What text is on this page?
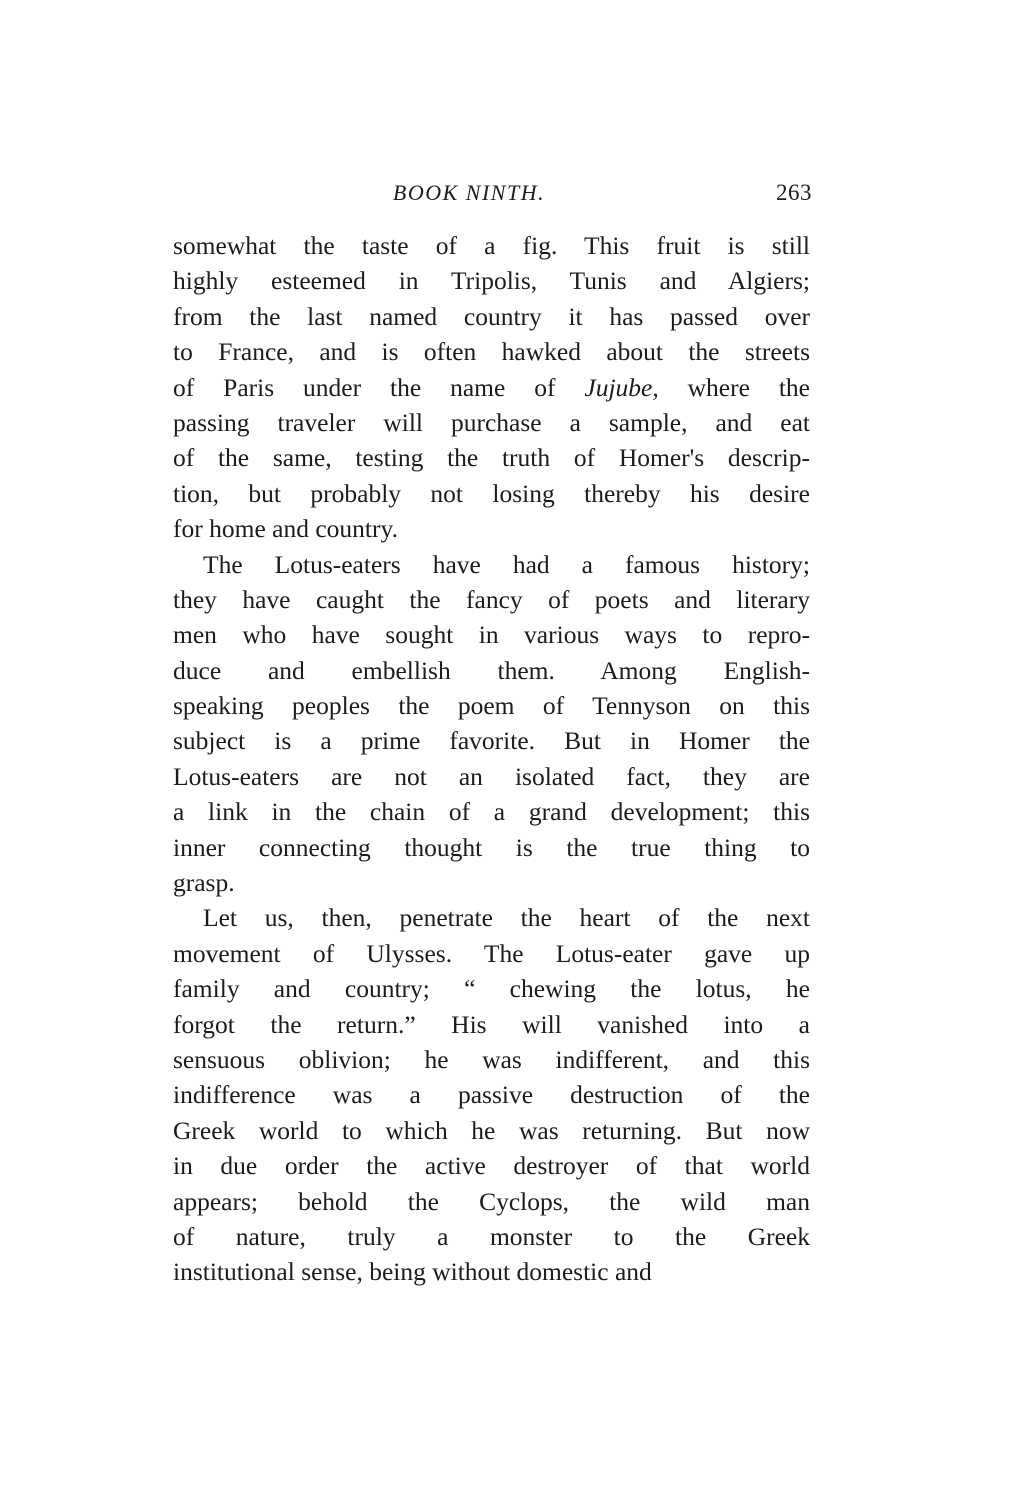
BOOK NINTH.	263
somewhat the taste of a fig. This fruit is still
highly esteemed in Tripolis, Tunis and Algiers;
from the last named country it has passed over
to France, and is often hawked about the streets
of Paris under the name of Jujube, where the
passing traveler will purchase a sample, and eat
of the same, testing the truth of Homer's descrip-
tion, but probably not losing thereby his desire
for home and country.
The Lotus-eaters have had a famous history;
they have caught the fancy of poets and literary
men who have sought in various ways to repro-
duce and embellish them. Among English-
speaking peoples the poem of Tennyson on this
subject is a prime favorite. But in Homer the
Lotus-eaters are not an isolated fact, they are
a link in the chain of a grand development; this
inner connecting thought is the true thing to
grasp.
Let us, then, penetrate the heart of the next
movement of Ulysses. The Lotus-eater gave up
family and country; “ chewing the lotus, he
forgot the return.” His will vanished into a
sensuous oblivion; he was indifferent, and this
indifference was a passive destruction of the
Greek world to which he was returning. But now
in due order the active destroyer of that world
appears; behold the Cyclops, the wild man
of nature, truly a monster to the Greek
institutional sense, being without domestic and
